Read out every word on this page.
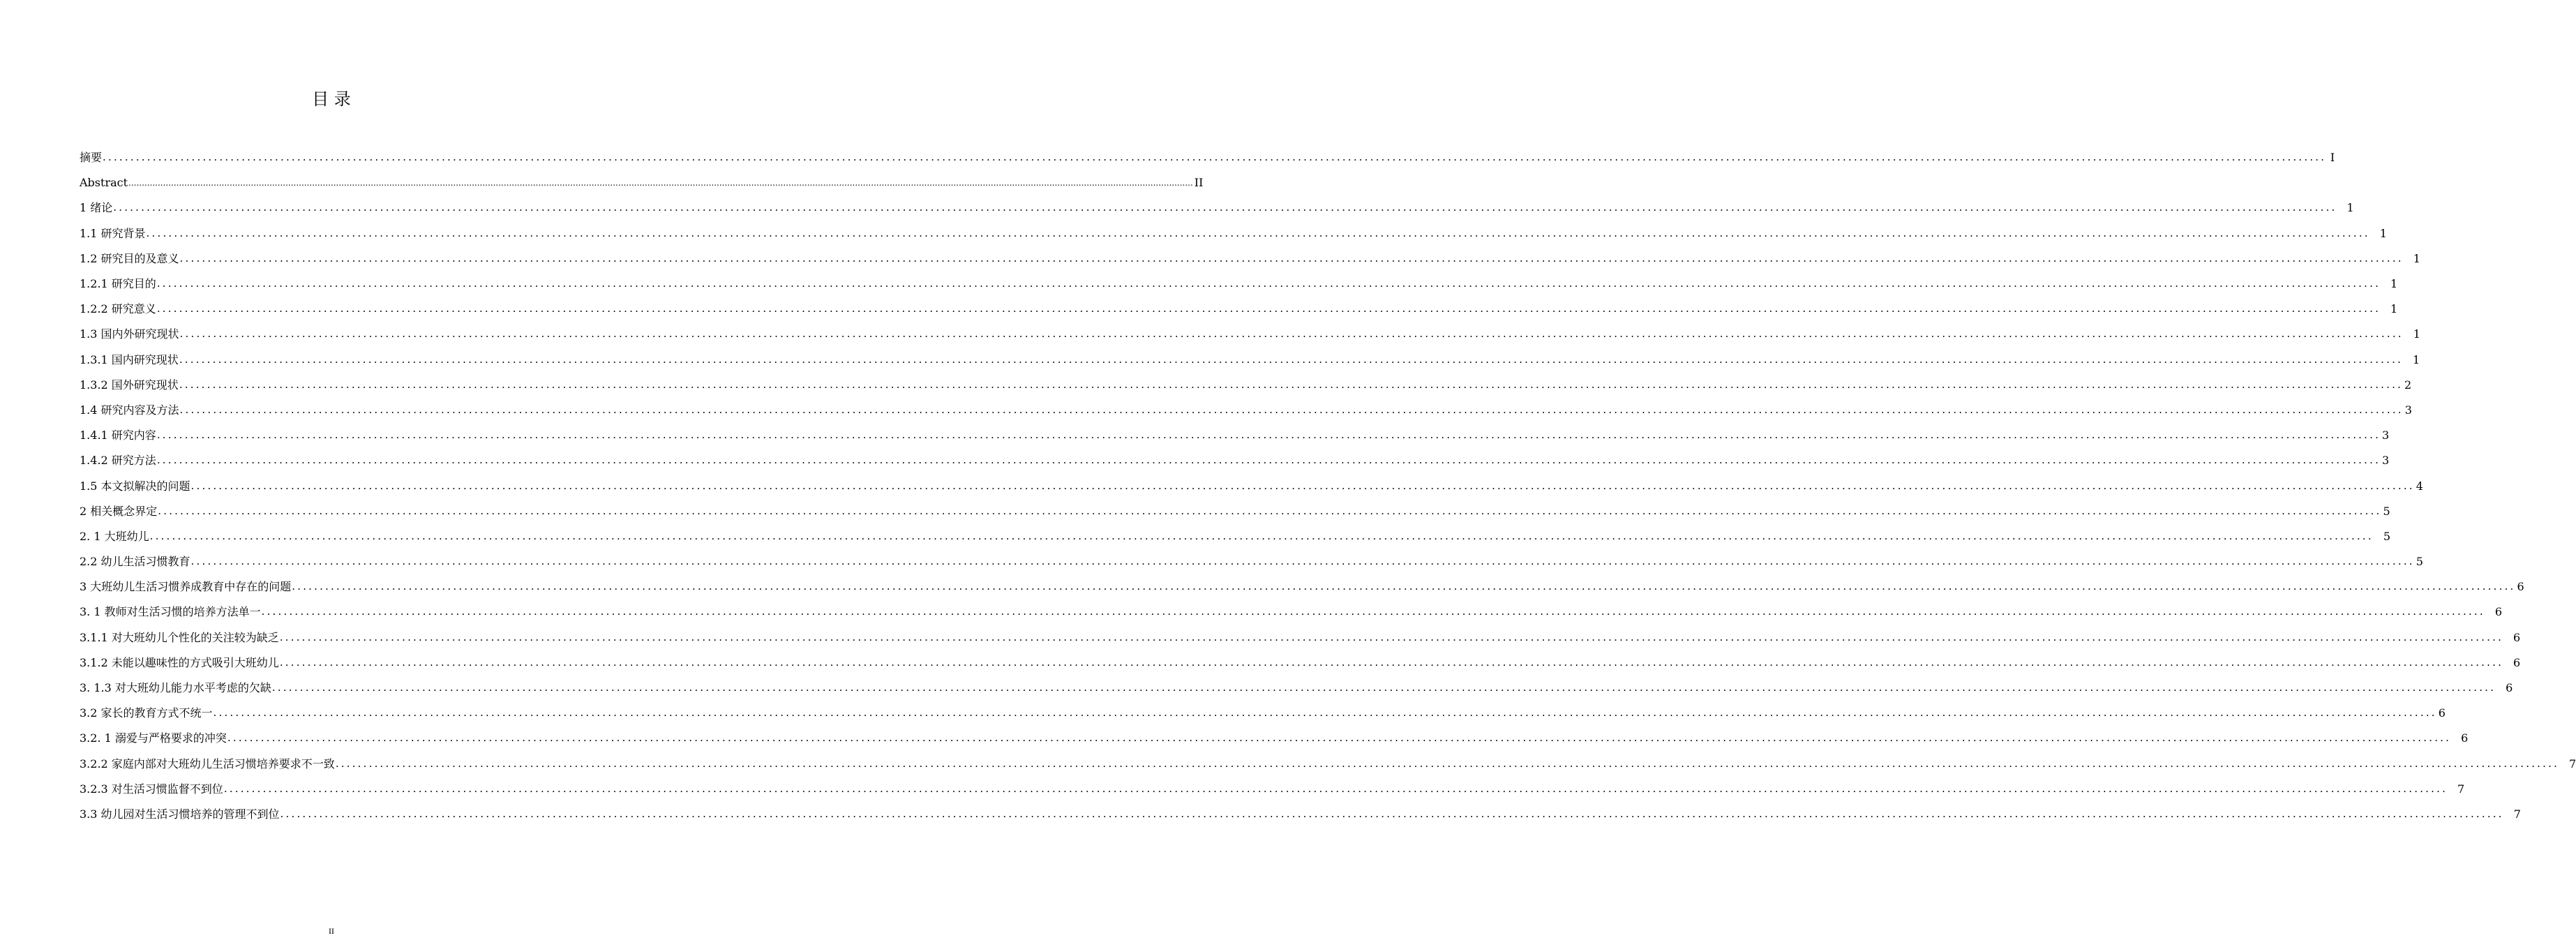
目 录
摘要 ................................................................................................................................................................................................................................................................................................................................................................................................................ I
Abstract ................................................................................................................................................................................................................................................................................................................................................................................................................ II
1 绪论 ................................................................................................................................................................................................................................................................................................................................................................................................................ 1
1.1 研究背景 ................................................................................................................................................................................................................................................................................................................................................................................................................ 1
1.2 研究目的及意义 ................................................................................................................................................................................................................................................................................................................................................................................................................ 1
1.2.1 研究目的 ................................................................................................................................................................................................................................................................................................................................................................................................................ 1
1.2.2 研究意义 ................................................................................................................................................................................................................................................................................................................................................................................................................ 1
1.3 国内外研究现状 ................................................................................................................................................................................................................................................................................................................................................................................................................ 1
1.3.1 国内研究现状 ................................................................................................................................................................................................................................................................................................................................................................................................................ 1
1.3.2 国外研究现状 ................................................................................................................................................................................................................................................................................................................................................................................................................ 2
1.4 研究内容及方法 ................................................................................................................................................................................................................................................................................................................................................................................................................ 3
1.4.1 研究内容 ................................................................................................................................................................................................................................................................................................................................................................................................................ 3
1.4.2 研究方法 ................................................................................................................................................................................................................................................................................................................................................................................................................ 3
1.5 本文拟解决的问题 ................................................................................................................................................................................................................................................................................................................................................................................................................ 4
2 相关概念界定 ................................................................................................................................................................................................................................................................................................................................................................................................................ 5
2. 1 大班幼儿 ................................................................................................................................................................................................................................................................................................................................................................................................................ 5
2.2 幼儿生活习惯教育 ................................................................................................................................................................................................................................................................................................................................................................................................................ 5
3 大班幼儿生活习惯养成教育中存在的问题 ................................................................................................................................................................................................................................................................................................................................................................................................................ 6
3. 1 教师对生活习惯的培养方法单一 ................................................................................................................................................................................................................................................................................................................................................................................................................ 6
3.1.1 对大班幼儿个性化的关注较为缺乏 ................................................................................................................................................................................................................................................................................................................................................................................................................ 6
3.1.2 未能以趣味性的方式吸引大班幼儿 ................................................................................................................................................................................................................................................................................................................................................................................................................ 6
3. 1.3 对大班幼儿能力水平考虑的欠缺 ................................................................................................................................................................................................................................................................................................................................................................................................................ 6
3.2 家长的教育方式不统一 ................................................................................................................................................................................................................................................................................................................................................................................................................ 6
3.2. 1 溺爱与严格要求的冲突 ................................................................................................................................................................................................................................................................................................................................................................................................................ 6
3.2.2 家庭内部对大班幼儿生活习惯培养要求不一致 ................................................................................................................................................................................................................................................................................................................................................................................................................ 7
3.2.3 对生活习惯监督不到位 ................................................................................................................................................................................................................................................................................................................................................................................................................ 7
3.3 幼儿园对生活习惯培养的管理不到位 ................................................................................................................................................................................................................................................................................................................................................................................................................ 7
II
